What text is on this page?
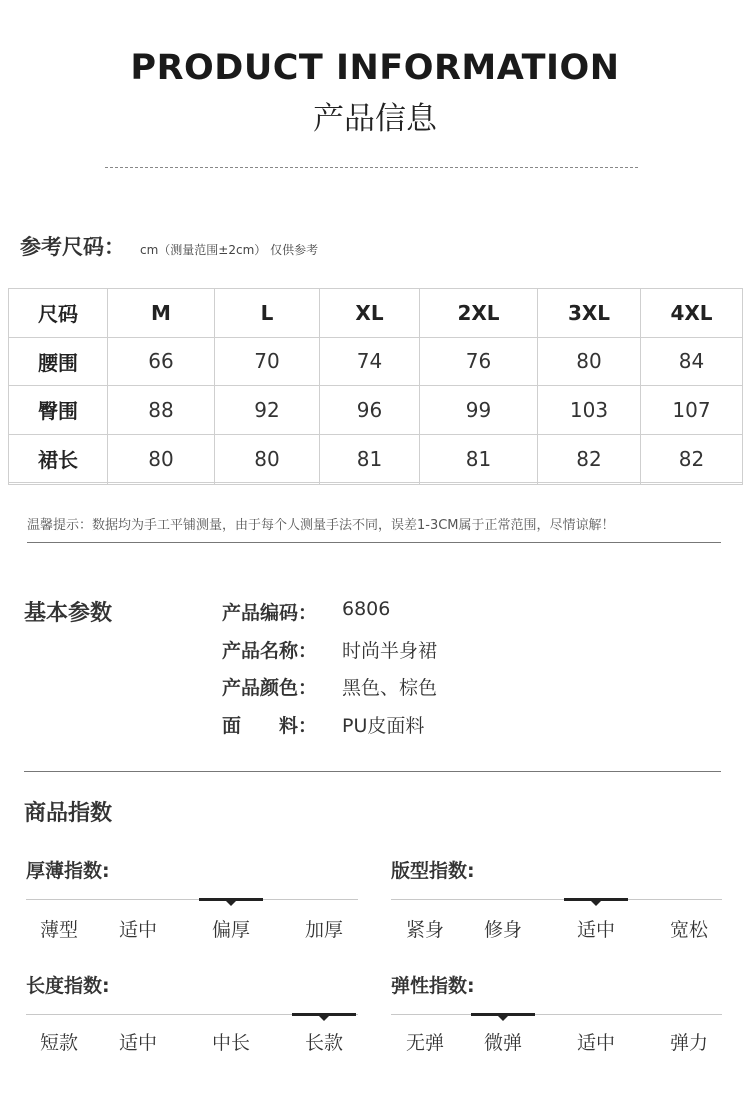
PRODUCT INFORMATION
产品信息
参考尺码： cm（测量范围±2cm） 仅供参考
尺码	M	L	XL	2XL	3XL	4XL
腰围	66	70	74	76	80	84
臀围	88	92	96	99	103	107
裙长	80	80	81	81	82	82

温馨提示：数据均为手工平铺测量，由于每个人测量手法不同，误差1-3CM属于正常范围，尽情谅解！
基本参数	产品编码： 6806
产品名称： 时尚半身裙
产品颜色： 黑色、棕色
面　　料： PU皮面料
商品指数
厚薄指数:
薄型	适中	偏厚	加厚
版型指数:
紧身	修身	适中	宽松
长度指数:
短款	适中	中长	长款
弹性指数:
无弹	微弹	适中	弹力
